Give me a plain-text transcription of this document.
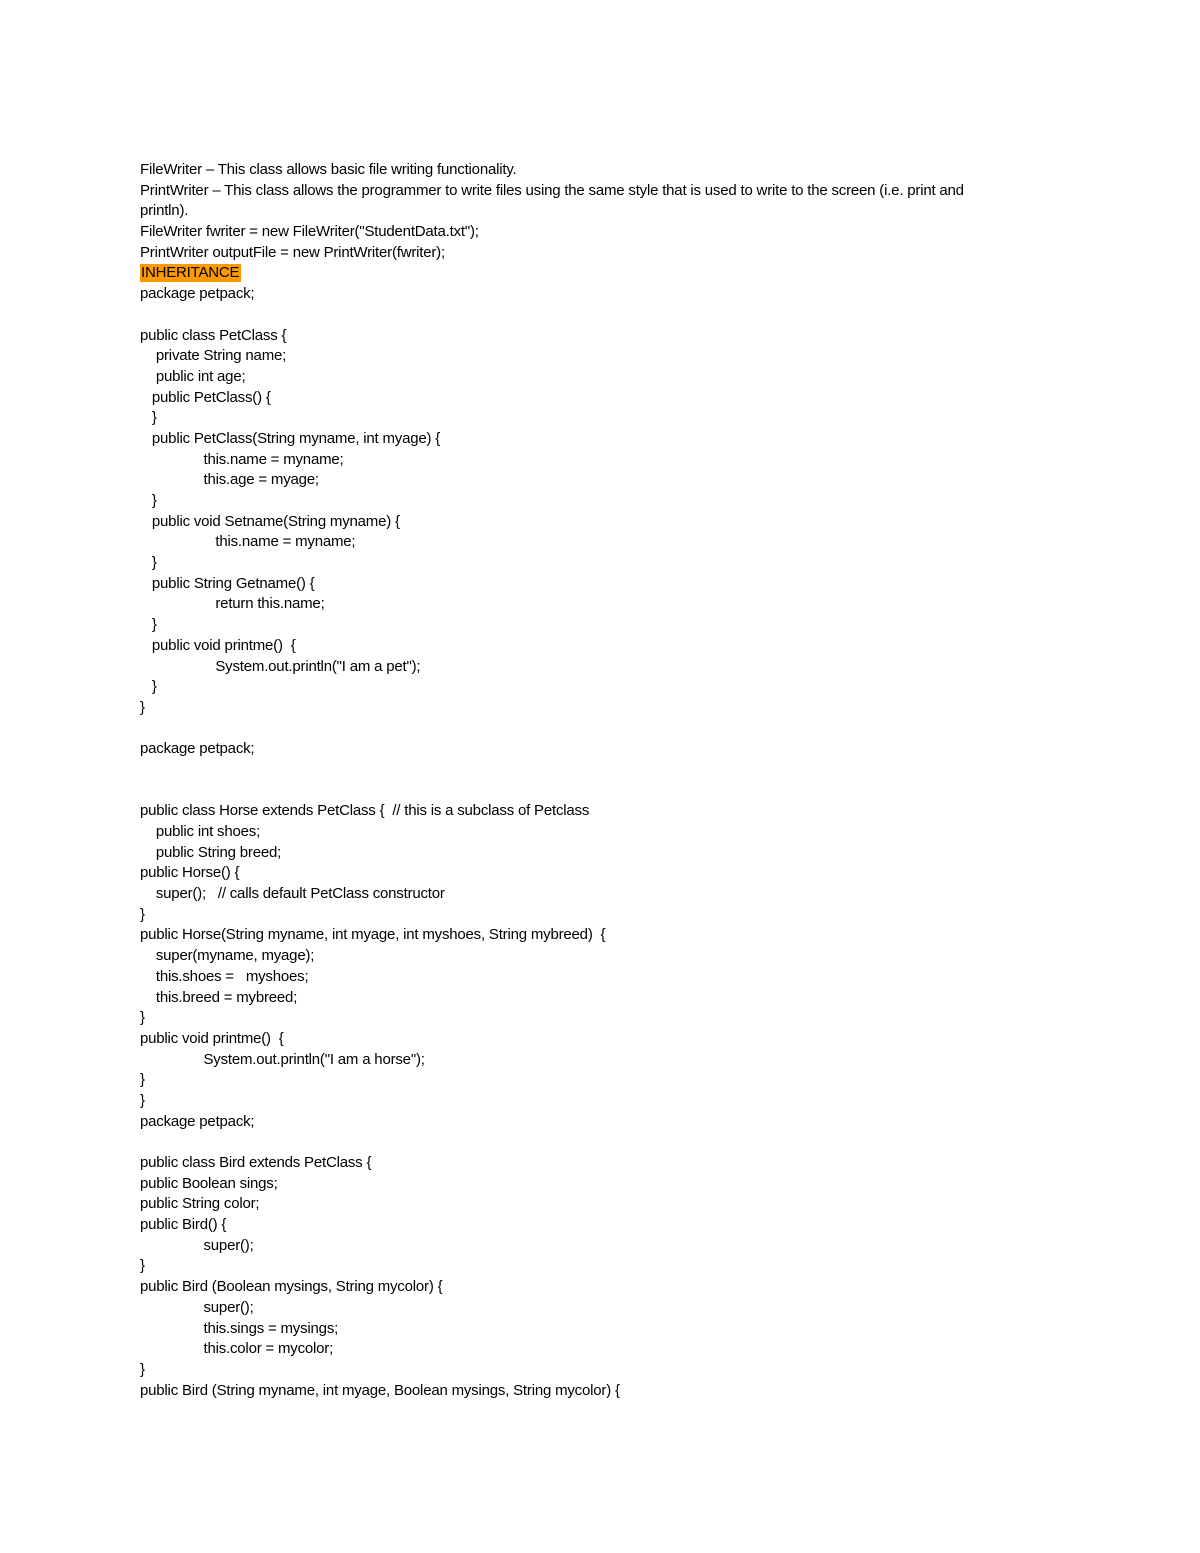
FileWriter – This class allows basic file writing functionality.
PrintWriter – This class allows the programmer to write files using the same style that is used to write to the screen (i.e. print and
println).
FileWriter fwriter = new FileWriter("StudentData.txt");
PrintWriter outputFile = new PrintWriter(fwriter);
INHERITANCE
package petpack;
public class PetClass {
private String name;
public int age;
public PetClass() {
}
public PetClass(String myname, int myage) {
this.name = myname;
this.age = myage;
}
public void Setname(String myname) {
this.name = myname;
}
public String Getname() {
return this.name;
}
public void printme()  {
System.out.println("I am a pet");
}
}
package petpack;
public class Horse extends PetClass {  // this is a subclass of Petclass
public int shoes;
public String breed;
public Horse() {
super();   // calls default PetClass constructor
}
public Horse(String myname, int myage, int myshoes, String mybreed)  {
super(myname, myage);
this.shoes =   myshoes;
this.breed = mybreed;
}
public void printme()  {
System.out.println("I am a horse");
}
}
package petpack;
public class Bird extends PetClass {
public Boolean sings;
public String color;
public Bird() {
super();
}
public Bird (Boolean mysings, String mycolor) {
super();
this.sings = mysings;
this.color = mycolor;
}
public Bird (String myname, int myage, Boolean mysings, String mycolor) {
